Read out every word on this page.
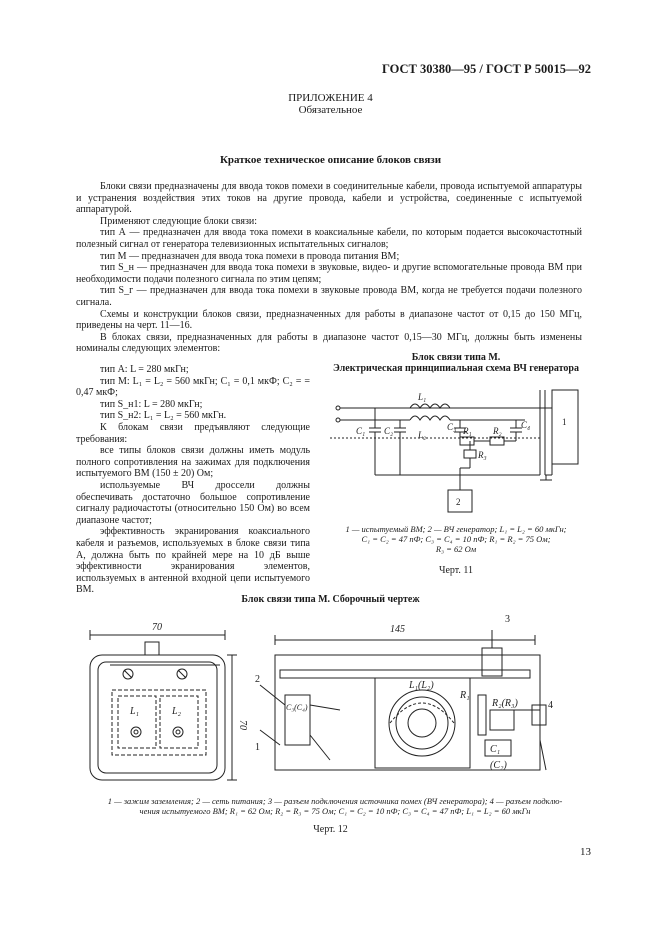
ГОСТ 30380—95 / ГОСТ Р 50015—92
ПРИЛОЖЕНИЕ 4
Обязательное
Краткое техническое описание блоков связи

Блоки связи предназначены для ввода токов помехи в соединительные кабели, провода испытуемой аппаратуры и устранения воздействия этих токов на другие провода, кабели и устройства, соединенные с испытуемой аппаратурой.

Применяют следующие блоки связи:

тип А — предназначен для ввода тока помехи в коаксиальные кабели, по которым подается высокочастотный полезный сигнал от генератора телевизионных испытательных сигналов;

тип М — предназначен для ввода тока помехи в провода питания ВМ;

тип S_н — предназначен для ввода тока помехи в звуковые, видео- и другие вспомогательные провода ВМ при необходимости подачи полезного сигнала по этим цепям;

тип S_г — предназначен для ввода тока помехи в звуковые провода ВМ, когда не требуется подачи полезного сигнала.

Схемы и конструкции блоков связи, предназначенных для работы в диапазоне частот от 0,15 до 150 МГц, приведены на черт. 11—16.

В блоках связи, предназначенных для работы в диапазоне частот 0,15—30 МГц, должны быть изменены номиналы следующих элементов:

тип А: L = 280 мкГн;

тип М: L₁ = L₂ = 560 мкГн; C₁ = 0,1 мкФ; C₂ = = 0,47 мкФ;

тип S_н1: L = 280 мкГн;

тип S_н2: L₁ = L₂ = 560 мкГн.

К блокам связи предъявляют следующие требования:

все типы блоков связи должны иметь модуль полного сопротивления на зажимах для подключения испытуемого ВМ (150 ± 20) Ом;

используемые ВЧ дроссели должны обеспечивать достаточно большое сопротивление сигналу радиочастоты (относительно 150 Ом) во всем диапазоне частот;

эффективность экранирования коаксиального кабеля и разъемов, используемых в блоке связи типа А, должна быть по крайней мере на 10 дБ выше эффективности экранирования элементов, используемых в антенной входной цепи испытуемого ВМ.

Блок связи типа М.
Электрическая принципиальная схема ВЧ генератора
L₁
L₂
C₁ C₂	C₃	C₄
R₁ R₂
R₃
2
1
1 — испытуемый ВМ; 2 — ВЧ генератор; L₁ = L₂ = 60 мкГн;
C₁ = C₂ = 47 пФ; C₃ = C₄ = 10 пФ; R₁ = R₂ = 75 Ом;
R₃ = 62 Ом
Черт. 11
Блок связи типа М. Сборочный чертеж
70
70
L₁	L₂
145
L₁(L₂)
C₃(C₄)
R₁
R₂(R₃)
C₁
(C₂)
1
2
3
4
1 — зажим заземления; 2 — сеть питания; 3 — разъем подключения источника помех (ВЧ генератора); 4 — разъем подклю-
чения испытуемого ВМ; R₁ = 62 Ом; R₂ = R₃ = 75 Ом; C₁ = C₂ = 10 пФ; C₃ = C₄ = 47 пФ; L₁ = L₂ = 60 мкГн
Черт. 12
13
